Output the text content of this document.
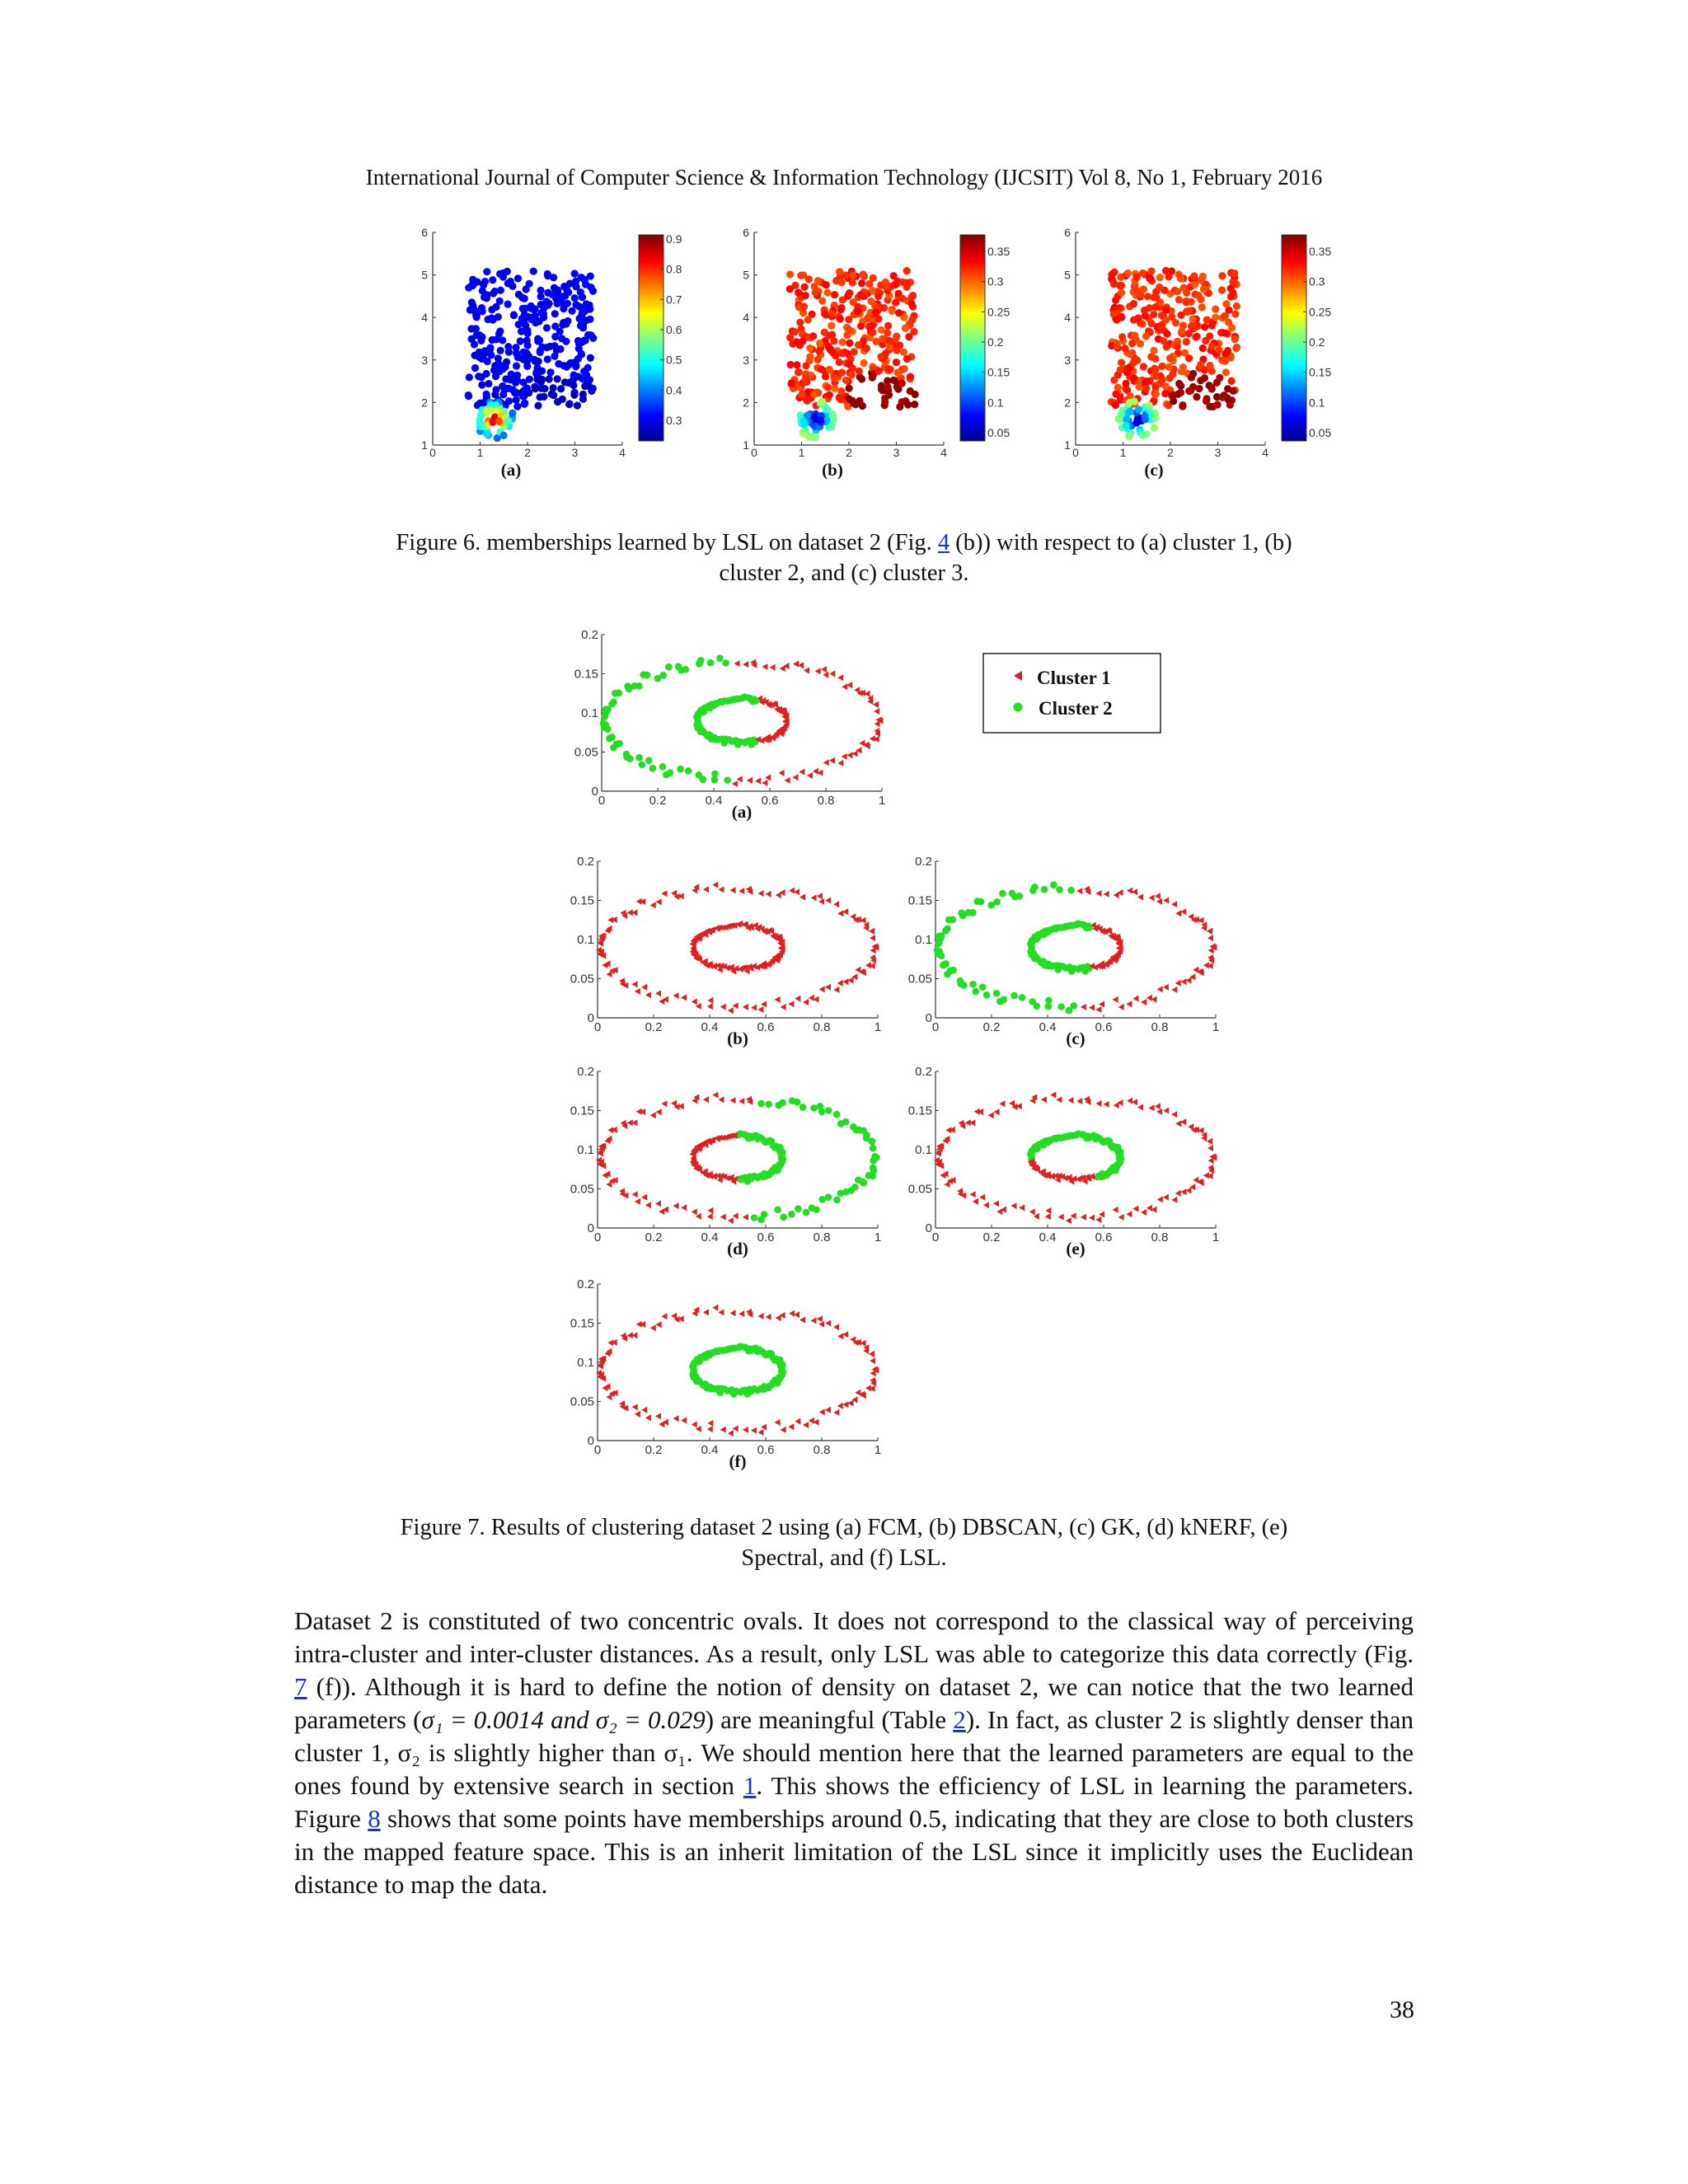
International Journal of Computer Science & Information Technology (IJCSIT) Vol 8, No 1, February 2016
0	1	2	3	4
1
2
3
4
5
6
(a)
0.9
0.8
0.7
0.6
0.5
0.4
0.3
0	1	2	3	4
1
2
3
4
5
6
(b)
0.35
0.3
0.25
0.2
0.15
0.1
0.05
0	1	2	3	4
1
2
3
4
5
6
(c)
0.35
0.3
0.25
0.2
0.15
0.1
0.05
Figure 6. memberships learned by LSL on dataset 2 (Fig. 4 (b)) with respect to (a) cluster 1, (b)
cluster 2, and (c) cluster 3.
0	0.2	0.4	0.6	0.8	1
0
0.05
0.1
0.15
0.2
(a)
0	0.2	0.4	0.6	0.8	1
0
0.05
0.1
0.15
0.2
(b)
0	0.2	0.4	0.6	0.8	1
0
0.05
0.1
0.15
0.2
(c)
0	0.2	0.4	0.6	0.8	1
0
0.05
0.1
0.15
0.2
(d)
0	0.2	0.4	0.6	0.8	1
0
0.05
0.1
0.15
0.2
(e)
0	0.2	0.4	0.6	0.8	1
0
0.05
0.1
0.15
0.2
(f)
Cluster 1
Cluster 2
Figure 7. Results of clustering dataset 2 using (a) FCM, (b) DBSCAN, (c) GK, (d) kNERF, (e)
Spectral, and (f) LSL.

Dataset 2 is constituted of two concentric ovals. It does not correspond to the classical way of perceiving intra-cluster and inter-cluster distances. As a result, only LSL was able to categorize this data correctly (Fig. 7 (f)). Although it is hard to define the notion of density on dataset 2, we can notice that the two learned parameters (σ₁ = 0.0014 and σ₂ = 0.029) are meaningful (Table 2). In fact, as cluster 2 is slightly denser than cluster 1, σ₂ is slightly higher than σ₁. We should mention here that the learned parameters are equal to the ones found by extensive search in section 1. This shows the efficiency of LSL in learning the parameters. Figure 8 shows that some points have memberships around 0.5, indicating that they are close to both clusters in the mapped feature space. This is an inherit limitation of the LSL since it implicitly uses the Euclidean distance to map the data.

38
